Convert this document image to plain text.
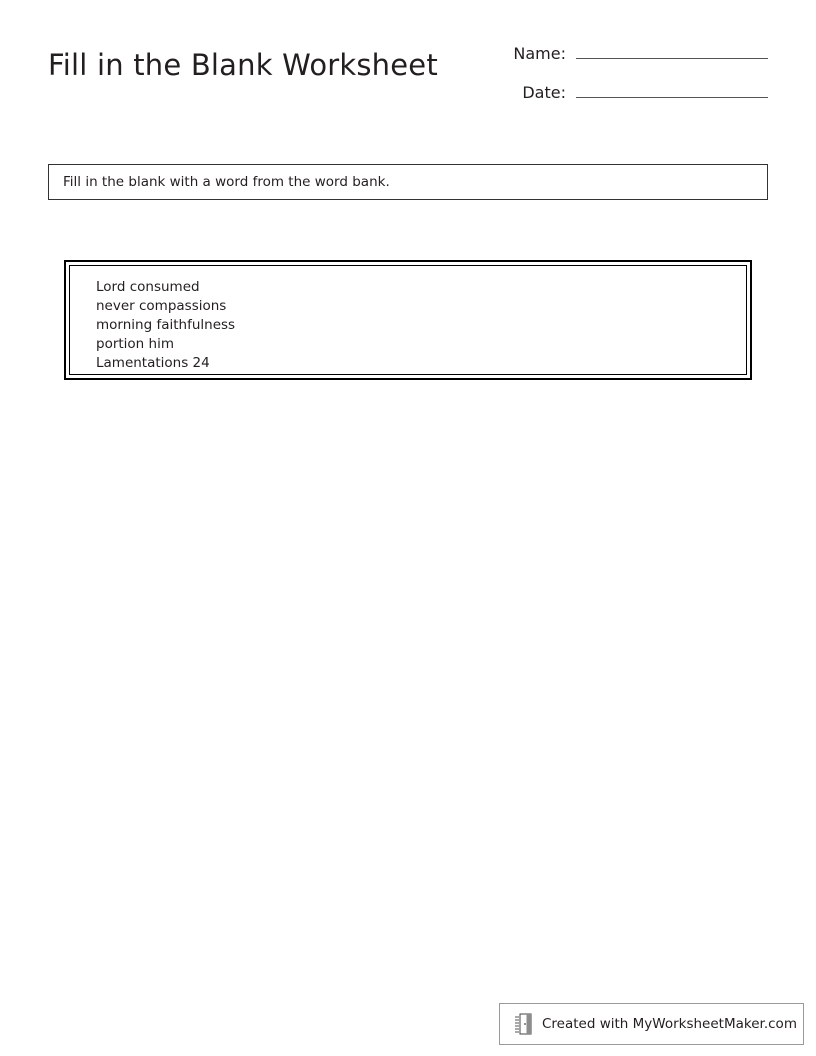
Fill in the Blank Worksheet	Name:
Date:
Fill in the blank with a word from the word bank.
Lord consumed
never compassions
morning faithfulness
portion him
Lamentations 24
Created with MyWorksheetMaker.com
